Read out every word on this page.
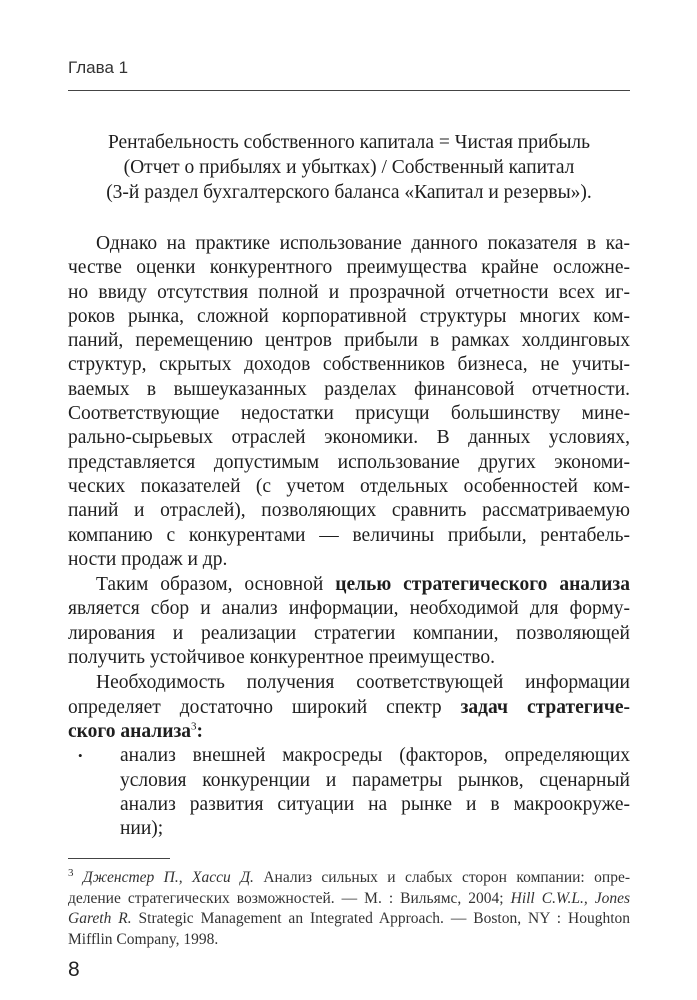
Глава 1
Рентабельность собственного капитала = Чистая прибыль
(Отчет о прибылях и убытках) / Собственный капитал
(3-й раздел бухгалтерского баланса «Капитал и резервы»).
Однако на практике использование данного показателя в ка-
честве оценки конкурентного преимущества крайне осложне-
но ввиду отсутствия полной и прозрачной отчетности всех иг-
роков рынка, сложной корпоративной структуры многих ком-
паний, перемещению центров прибыли в рамках холдинговых
структур, скрытых доходов собственников бизнеса, не учиты-
ваемых в вышеуказанных разделах финансовой отчетности.
Соответствующие недостатки присущи большинству мине-
рально-сырьевых отраслей экономики. В данных условиях,
представляется допустимым использование других экономи-
ческих показателей (с учетом отдельных особенностей ком-
паний и отраслей), позволяющих сравнить рассматриваемую
компанию с конкурентами — величины прибыли, рентабель-
ности продаж и др.
Таким образом, основной целью стратегического анализа
является сбор и анализ информации, необходимой для форму-
лирования и реализации стратегии компании, позволяющей
получить устойчивое конкурентное преимущество.
Необходимость получения соответствующей информации
определяет достаточно широкий спектр задач стратегиче-
ского анализа$^3$:
• анализ внешней макросреды (факторов, определяющих
условия конкуренции и параметры рынков, сценарный
анализ развития ситуации на рынке и в макроокруже-
нии);
$^3$ Дженстер П., Хасси Д. Анализ сильных и слабых сторон компании: опре-
деление стратегических возможностей. — М. : Вильямс, 2004; Hill C.W.L., Jones
Gareth R. Strategic Management an Integrated Approach. — Boston, NY : Houghton
Mifflin Company, 1998.
8
